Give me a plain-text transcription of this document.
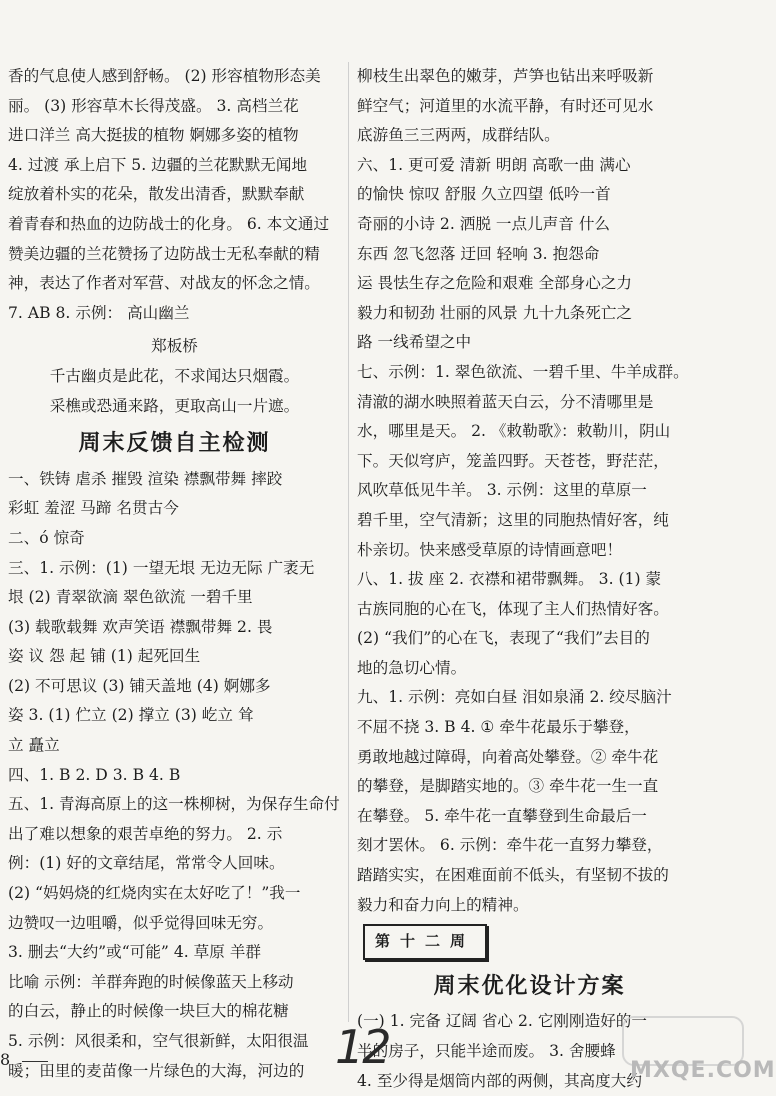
香的气息使人感到舒畅。 (2) 形容植物形态美

丽。 (3) 形容草木长得茂盛。 3. 高档兰花

进口洋兰 高大挺拔的植物 婀娜多姿的植物

4. 过渡 承上启下 5. 边疆的兰花默默无闻地

绽放着朴实的花朵，散发出清香，默默奉献

着青春和热血的边防战士的化身。 6. 本文通过

赞美边疆的兰花赞扬了边防战士无私奉献的精

神，表达了作者对军营、对战友的怀念之情。

7. AB 8. 示例： 高山幽兰

郑板桥

千古幽贞是此花，不求闻达只烟霞。

采樵或恐通来路，更取高山一片遮。

周末反馈自主检测

一、铁铸 虐杀 摧毁 渲染 襟飘带舞 摔跤

彩虹 羞涩 马蹄 名贯古今

二、ó 惊奇

三、1. 示例：(1) 一望无垠 无边无际 广袤无

垠 (2) 青翠欲滴 翠色欲流 一碧千里

(3) 载歌载舞 欢声笑语 襟飘带舞 2. 畏

姿 议 怨 起 铺 (1) 起死回生

(2) 不可思议 (3) 铺天盖地 (4) 婀娜多

姿 3. (1) 伫立 (2) 撑立 (3) 屹立 耸

立 矗立

四、1. B 2. D 3. B 4. B

五、1. 青海高原上的这一株柳树，为保存生命付

出了难以想象的艰苦卓绝的努力。 2. 示

例：(1) 好的文章结尾，常常令人回味。

(2) “妈妈烧的红烧肉实在太好吃了！”我一

边赞叹一边咀嚼，似乎觉得回味无穷。

3. 删去“大约”或“可能” 4. 草原 羊群

比喻 示例：羊群奔跑的时候像蓝天上移动

的白云，静止的时候像一块巨大的棉花糖

5. 示例：风很柔和，空气很新鲜，太阳很温

暖；田里的麦苗像一片绿色的大海，河边的

柳枝生出翠色的嫩芽，芦笋也钻出来呼吸新

鲜空气；河道里的水流平静，有时还可见水

底游鱼三三两两，成群结队。

六、1. 更可爱 清新 明朗 高歌一曲 满心

的愉快 惊叹 舒服 久立四望 低吟一首

奇丽的小诗 2. 洒脱 一点儿声音 什么

东西 忽飞忽落 迂回 轻响 3. 抱怨命

运 畏怯生存之危险和艰难 全部身心之力

毅力和韧劲 壮丽的风景 九十九条死亡之

路 一线希望之中

七、示例：1. 翠色欲流、一碧千里、牛羊成群。

清澈的湖水映照着蓝天白云，分不清哪里是

水，哪里是天。 2. 《敕勒歌》：敕勒川，阴山

下。天似穹庐，笼盖四野。天苍苍，野茫茫，

风吹草低见牛羊。 3. 示例：这里的草原一

碧千里，空气清新；这里的同胞热情好客，纯

朴亲切。快来感受草原的诗情画意吧！

八、1. 拔 座 2. 衣襟和裙带飘舞。 3. (1) 蒙

古族同胞的心在飞，体现了主人们热情好客。

(2) “我们”的心在飞，表现了“我们”去目的

地的急切心情。

九、1. 示例：亮如白昼 泪如泉涌 2. 绞尽脑汁

不屈不挠 3. B 4. ① 牵牛花最乐于攀登，

勇敢地越过障碍，向着高处攀登。② 牵牛花

的攀登，是脚踏实地的。③ 牵牛花一生一直

在攀登。 5. 牵牛花一直攀登到生命最后一

刻才罢休。 6. 示例：牵牛花一直努力攀登，

踏踏实实，在困难面前不低头，有坚韧不拔的

毅力和奋力向上的精神。

第十二周
周末优化设计方案

(一) 1. 完备 辽阔 省心 2. 它刚刚造好的一

半的房子，只能半途而废。 3. 舍腰蜂

4. 至少得是烟筒内部的两侧，其高度大约

8	12	MXQE.COM
